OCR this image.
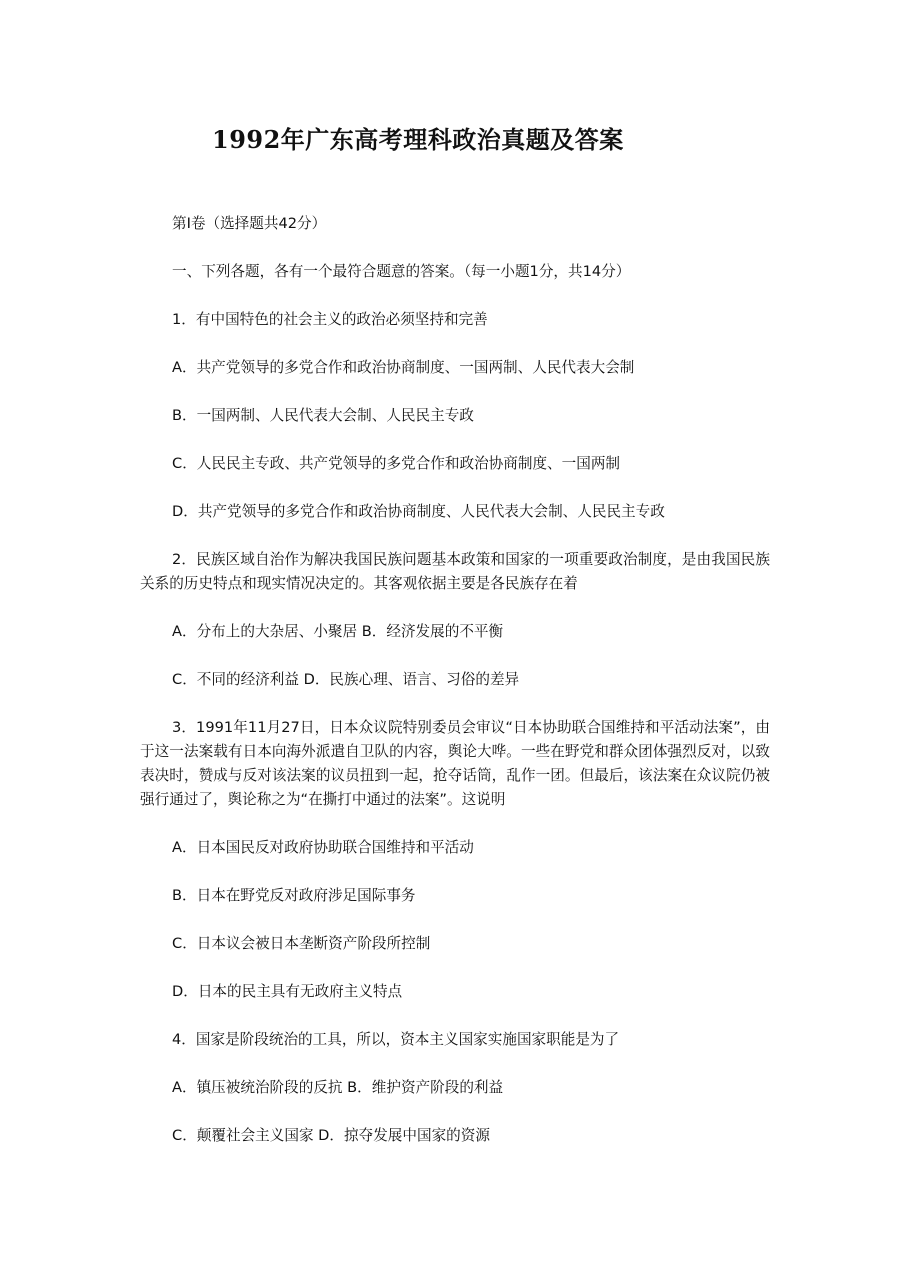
1992年广东高考理科政治真题及答案

第I卷（选择题共42分）

一、下列各题，各有一个最符合题意的答案。（每一小题1分，共14分）

1．有中国特色的社会主义的政治必须坚持和完善

A．共产党领导的多党合作和政治协商制度、一国两制、人民代表大会制

B．一国两制、人民代表大会制、人民民主专政

C．人民民主专政、共产党领导的多党合作和政治协商制度、一国两制

D．共产党领导的多党合作和政治协商制度、人民代表大会制、人民民主专政

2．民族区域自治作为解决我国民族问题基本政策和国家的一项重要政治制度，是由我国民族关系的历史特点和现实情况决定的。其客观依据主要是各民族存在着

A．分布上的大杂居、小聚居 B．经济发展的不平衡

C．不同的经济利益 D．民族心理、语言、习俗的差异

3．1991年11月27日，日本众议院特别委员会审议“日本协助联合国维持和平活动法案”，由于这一法案载有日本向海外派遣自卫队的内容，舆论大哗。一些在野党和群众团体强烈反对，以致表决时，赞成与反对该法案的议员扭到一起，抢夺话筒，乱作一团。但最后，该法案在众议院仍被强行通过了，舆论称之为“在撕打中通过的法案”。这说明

A．日本国民反对政府协助联合国维持和平活动

B．日本在野党反对政府涉足国际事务

C．日本议会被日本垄断资产阶段所控制

D．日本的民主具有无政府主义特点

4．国家是阶段统治的工具，所以，资本主义国家实施国家职能是为了

A．镇压被统治阶段的反抗 B．维护资产阶段的利益

C．颠覆社会主义国家 D．掠夺发展中国家的资源
